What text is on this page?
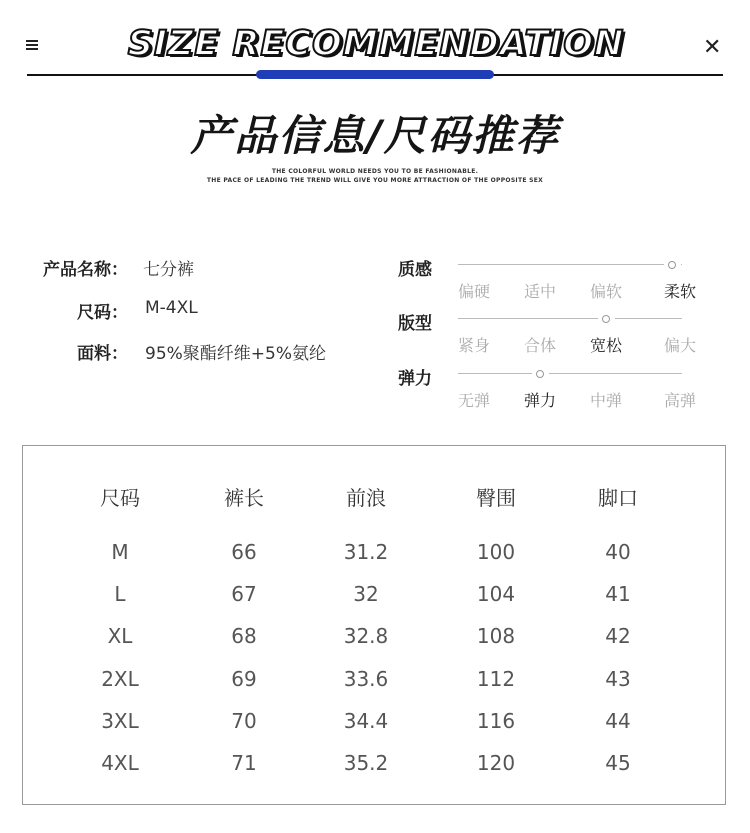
SIZE RECOMMENDATION	✕
产品信息/尺码推荐
THE COLORFUL WORLD NEEDS YOU TO BE FASHIONABLE.
THE PACE OF LEADING THE TREND WILL GIVE YOU MORE ATTRACTION OF THE OPPOSITE SEX
产品名称： 七分裤
尺码： M-4XL
面料： 95%聚酯纤维+5%氨纶
质感
偏硬	适中	偏软	柔软
版型
紧身	合体	宽松	偏大
弹力
无弹	弹力	中弹	高弹
尺码	裤长	前浪	臀围	脚口
M	66	31.2	100	40
L	67	32	104	41
XL	68	32.8	108	42
2XL	69	33.6	112	43
3XL	70	34.4	116	44
4XL	71	35.2	120	45
